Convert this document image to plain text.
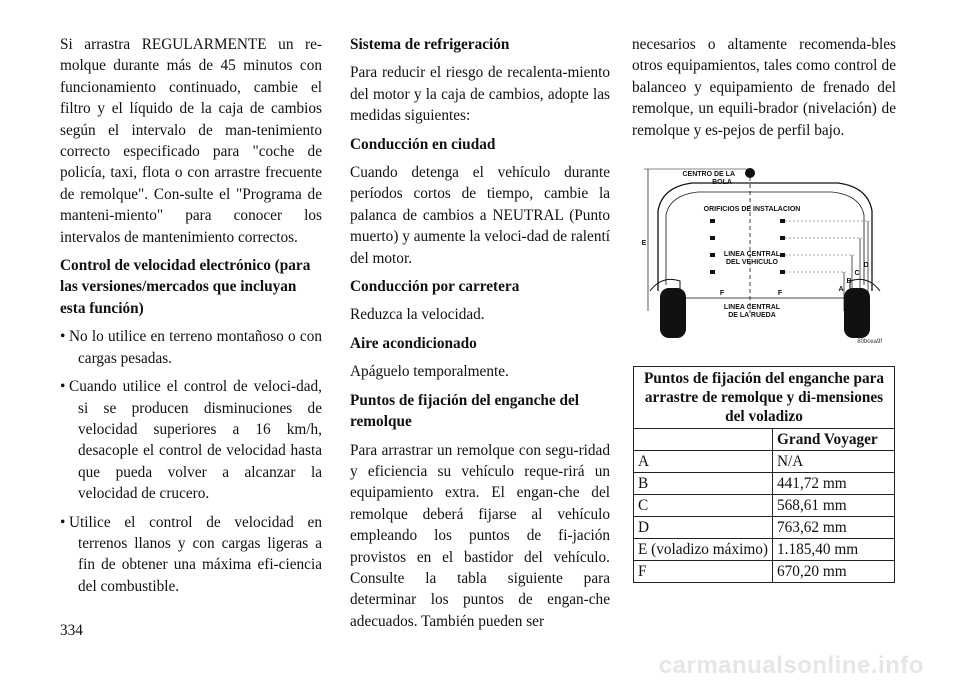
Si arrastra REGULARMENTE un re-molque durante más de 45 minutos con funcionamiento continuado, cambie el filtro y el líquido de la caja de cambios según el intervalo de man-tenimiento correcto especificado para "coche de policía, taxi, flota o con arrastre frecuente de remolque". Con-sulte el "Programa de manteni-miento" para conocer los intervalos de mantenimiento correctos.

Control de velocidad electrónico (para las versiones/mercados que incluyan esta función)

• No lo utilice en terreno montañoso o con cargas pesadas.
• Cuando utilice el control de veloci-dad, si se producen disminuciones de velocidad superiores a 16 km/h, desacople el control de velocidad hasta que pueda volver a alcanzar la velocidad de crucero.
• Utilice el control de velocidad en terrenos llanos y con cargas ligeras a fin de obtener una máxima efi-ciencia del combustible.

Sistema de refrigeración

Para reducir el riesgo de recalenta-miento del motor y la caja de cambios, adopte las medidas siguientes:

Conducción en ciudad

Cuando detenga el vehículo durante períodos cortos de tiempo, cambie la palanca de cambios a NEUTRAL (Punto muerto) y aumente la veloci-dad de ralentí del motor.

Conducción por carretera

Reduzca la velocidad.

Aire acondicionado

Apáguelo temporalmente.

Puntos de fijación del enganche del remolque

Para arrastrar un remolque con segu-ridad y eficiencia su vehículo reque-rirá un equipamiento extra. El engan-che del remolque deberá fijarse al vehículo empleando los puntos de fi-jación provistos en el bastidor del vehículo. Consulte la tabla siguiente para determinar los puntos de engan-che adecuados. También pueden ser

necesarios o altamente recomenda-bles otros equipamientos, tales como control de balanceo y equipamiento de frenado del remolque, un equili-brador (nivelación) de remolque y es-pejos de perfil bajo.

CENTRO DE LA
BOLA
ORIFICIOS DE INSTALACION
LINEA CENTRAL
DEL VEHICULO
LINEA CENTRAL
DE LA RUEDA
E
A
B
C
D
F	F
80bcea9f
Puntos de fijación del enganche para arrastre de remolque y di-mensiones del voladizo	
	Grand Voyager
A	N/A
B	441,72 mm
C	568,61 mm
D	763,62 mm
E (voladizo máximo)	1.185,40 mm
F	670,20 mm
334
carmanualsonline.info
